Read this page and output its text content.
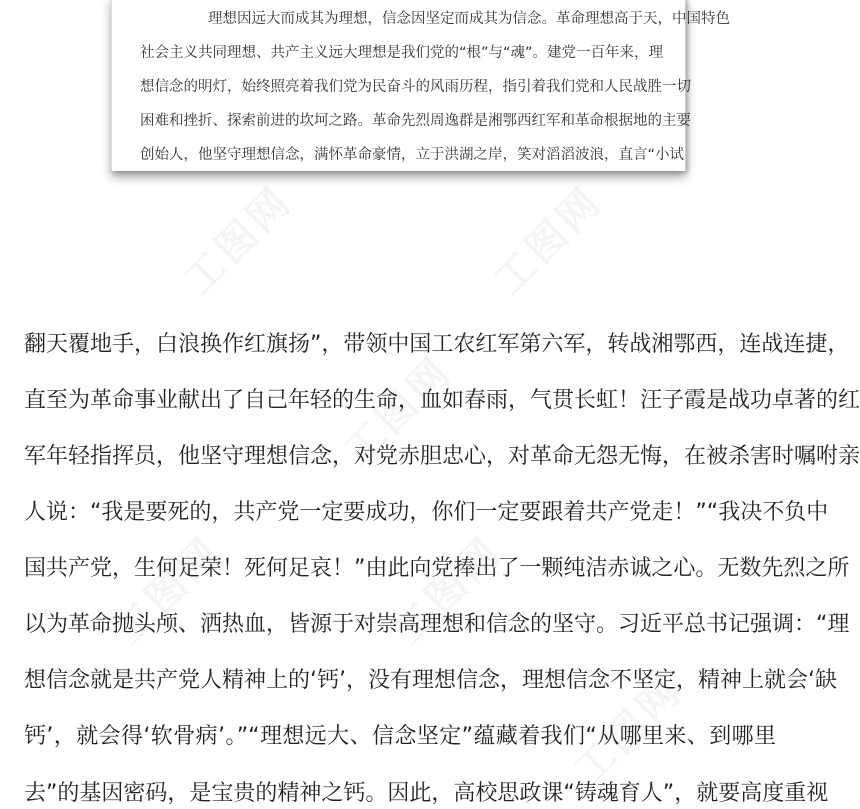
理想因远大而成其为理想，信念因坚定而成其为信念。革命理想高于天，中国特色
社会主义共同理想、共产主义远大理想是我们党的“根”与“魂”。建党一百年来，理
想信念的明灯，始终照亮着我们党为民奋斗的风雨历程，指引着我们党和人民战胜一切
困难和挫折、探索前进的坎坷之路。革命先烈周逸群是湘鄂西红军和革命根据地的主要
创始人，他坚守理想信念，满怀革命豪情，立于洪湖之岸，笑对滔滔波浪，直言“小试
翻天覆地手，白浪换作红旗扬”，带领中国工农红军第六军，转战湘鄂西，连战连捷，
直至为革命事业献出了自己年轻的生命，血如春雨，气贯长虹！汪子霞是战功卓著的红
军年轻指挥员，他坚守理想信念，对党赤胆忠心，对革命无怨无悔，在被杀害时嘱咐亲
人说：“我是要死的，共产党一定要成功，你们一定要跟着共产党走！”“我决不负中
国共产党，生何足荣！死何足哀！”由此向党捧出了一颗纯洁赤诚之心。无数先烈之所
以为革命抛头颅、洒热血，皆源于对崇高理想和信念的坚守。习近平总书记强调：“理
想信念就是共产党人精神上的‘钙’，没有理想信念，理想信念不坚定，精神上就会‘缺
钙’，就会得‘软骨病’。”“理想远大、信念坚定”蕴藏着我们“从哪里来、到哪里
去”的基因密码，是宝贵的精神之钙。因此，高校思政课“铸魂育人”，就要高度重视
